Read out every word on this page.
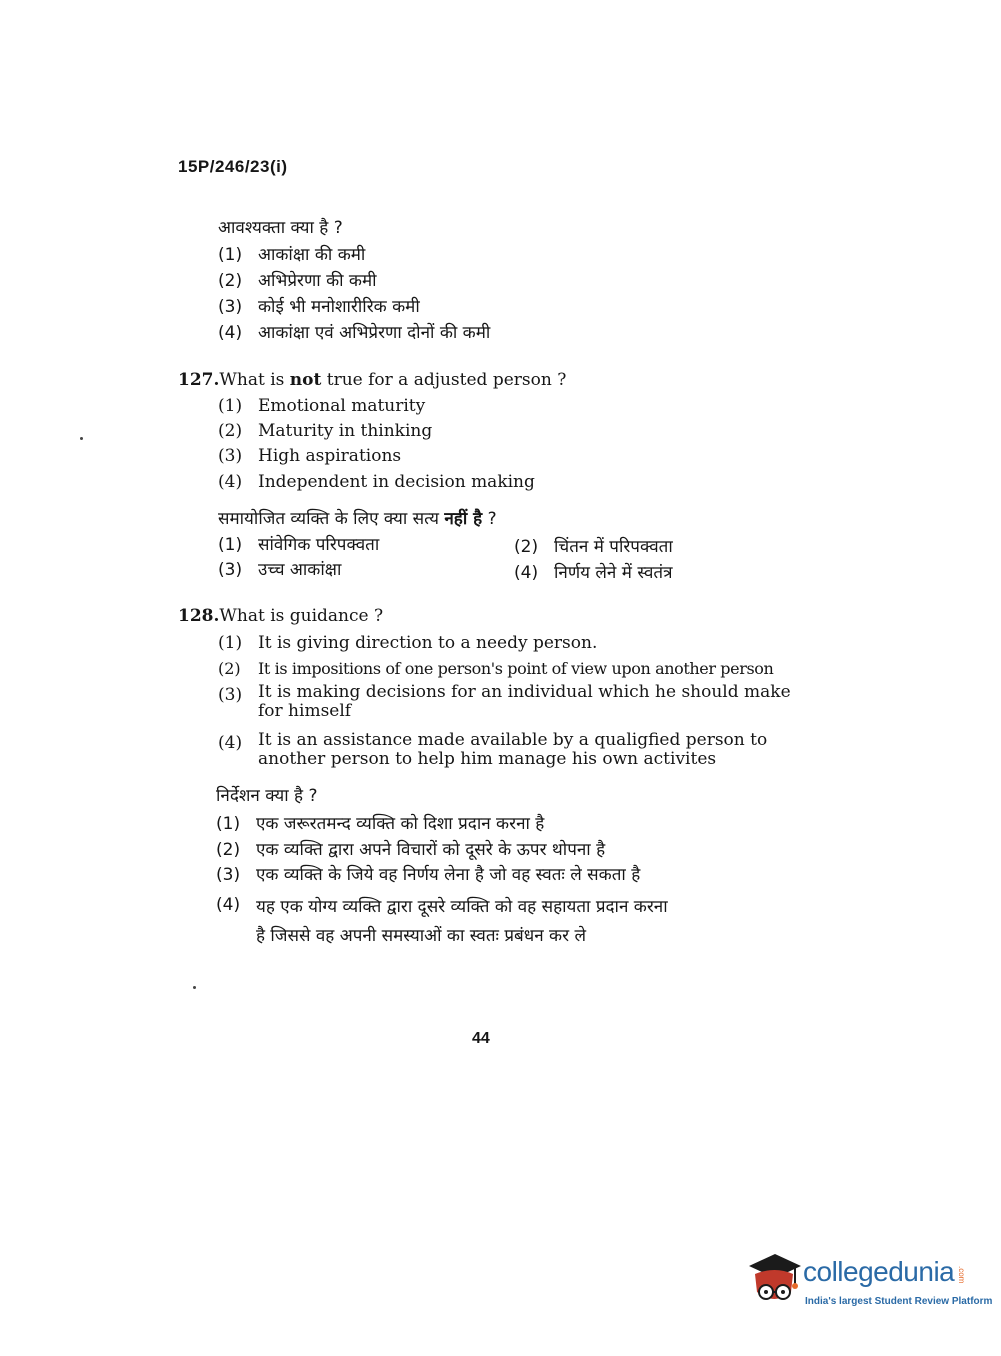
15P/246/23(i)
आवश्यक्ता क्या है ?
(1) आकांक्षा की कमी
(2) अभिप्रेरणा की कमी
(3) कोई भी मनोशारीरिक कमी
(4) आकांक्षा एवं अभिप्रेरणा दोनों की कमी
127.What is not true for a adjusted person ?
(1) Emotional maturity
(2) Maturity in thinking
(3) High aspirations
(4) Independent in decision making
समायोजित व्यक्ति के लिए क्या सत्य नहीं है ?
(1) सांवेगिक परिपक्वता	(2) चिंतन में परिपक्वता
(3) उच्च आकांक्षा	(4) निर्णय लेने में स्वतंत्र
128.What is guidance ?
(1) It is giving direction to a needy person.
(2) It is impositions of one person's point of view upon another person
(3) It is making decisions for an individual which he should make
for himself
(4) It is an assistance made available by a qualigfied person to
another person to help him manage his own activites
निर्देशन क्या है ?
(1) एक जरूरतमन्द व्यक्ति को दिशा प्रदान करना है
(2) एक व्यक्ति द्वारा अपने विचारों को दूसरे के ऊपर थोपना है
(3) एक व्यक्ति के जिये वह निर्णय लेना है जो वह स्वतः ले सकता है
(4) यह एक योग्य व्यक्ति द्वारा दूसरे व्यक्ति को वह सहायता प्रदान करना
है जिससे वह अपनी समस्याओं का स्वतः प्रबंधन कर ले
44
collegedunia .com
India's largest Student Review Platform
